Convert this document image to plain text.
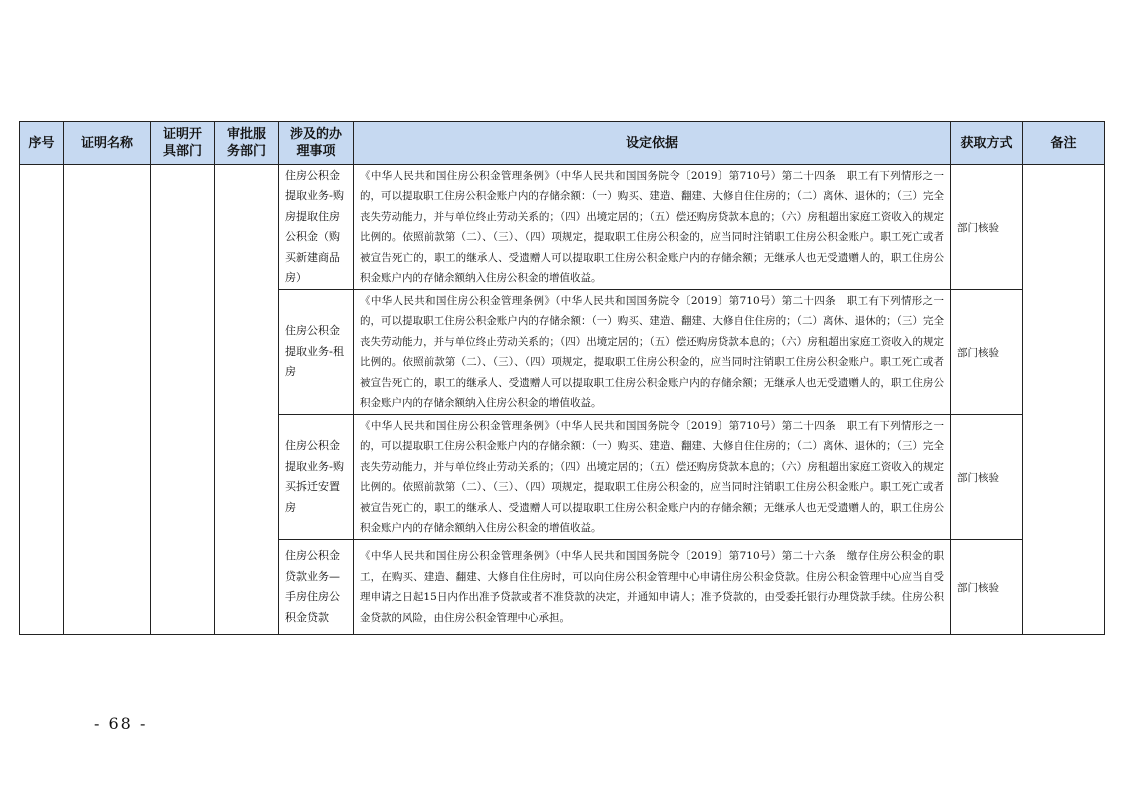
序号	证明名称	证明开具部门	审批服务部门	涉及的办理事项	设定依据	获取方式	备注
				住房公积金提取业务-购房提取住房公积金（购买新建商品房）	《中华人民共和国住房公积金管理条例》（中华人民共和国国务院令〔2019〕第710号）第二十四条　职工有下列情形之一的，可以提取职工住房公积金账户内的存储余额：（一）购买、建造、翻建、大修自住住房的；（二）离休、退休的；（三）完全丧失劳动能力，并与单位终止劳动关系的；（四）出境定居的；（五）偿还购房贷款本息的；（六）房租超出家庭工资收入的规定比例的。依照前款第（二）、（三）、（四）项规定，提取职工住房公积金的，应当同时注销职工住房公积金账户。职工死亡或者被宣告死亡的，职工的继承人、受遗赠人可以提取职工住房公积金账户内的存储余额；无继承人也无受遗赠人的，职工住房公积金账户内的存储余额纳入住房公积金的增值收益。	部门核验	
				住房公积金提取业务-租房	《中华人民共和国住房公积金管理条例》（中华人民共和国国务院令〔2019〕第710号）第二十四条　职工有下列情形之一的，可以提取职工住房公积金账户内的存储余额：（一）购买、建造、翻建、大修自住住房的；（二）离休、退休的；（三）完全丧失劳动能力，并与单位终止劳动关系的；（四）出境定居的；（五）偿还购房贷款本息的；（六）房租超出家庭工资收入的规定比例的。依照前款第（二）、（三）、（四）项规定，提取职工住房公积金的，应当同时注销职工住房公积金账户。职工死亡或者被宣告死亡的，职工的继承人、受遗赠人可以提取职工住房公积金账户内的存储余额；无继承人也无受遗赠人的，职工住房公积金账户内的存储余额纳入住房公积金的增值收益。	部门核验	
				住房公积金提取业务-购买拆迁安置房	《中华人民共和国住房公积金管理条例》（中华人民共和国国务院令〔2019〕第710号）第二十四条　职工有下列情形之一的，可以提取职工住房公积金账户内的存储余额：（一）购买、建造、翻建、大修自住住房的；（二）离休、退休的；（三）完全丧失劳动能力，并与单位终止劳动关系的；（四）出境定居的；（五）偿还购房贷款本息的；（六）房租超出家庭工资收入的规定比例的。依照前款第（二）、（三）、（四）项规定，提取职工住房公积金的，应当同时注销职工住房公积金账户。职工死亡或者被宣告死亡的，职工的继承人、受遗赠人可以提取职工住房公积金账户内的存储余额；无继承人也无受遗赠人的，职工住房公积金账户内的存储余额纳入住房公积金的增值收益。	部门核验	
				住房公积金贷款业务—手房住房公积金贷款	《中华人民共和国住房公积金管理条例》（中华人民共和国国务院令〔2019〕第710号）第二十六条　缴存住房公积金的职工，在购买、建造、翻建、大修自住住房时，可以向住房公积金管理中心申请住房公积金贷款。住房公积金管理中心应当自受理申请之日起15日内作出准予贷款或者不准贷款的决定，并通知申请人；准予贷款的，由受委托银行办理贷款手续。住房公积金贷款的风险，由住房公积金管理中心承担。	部门核验	
- 68 -
